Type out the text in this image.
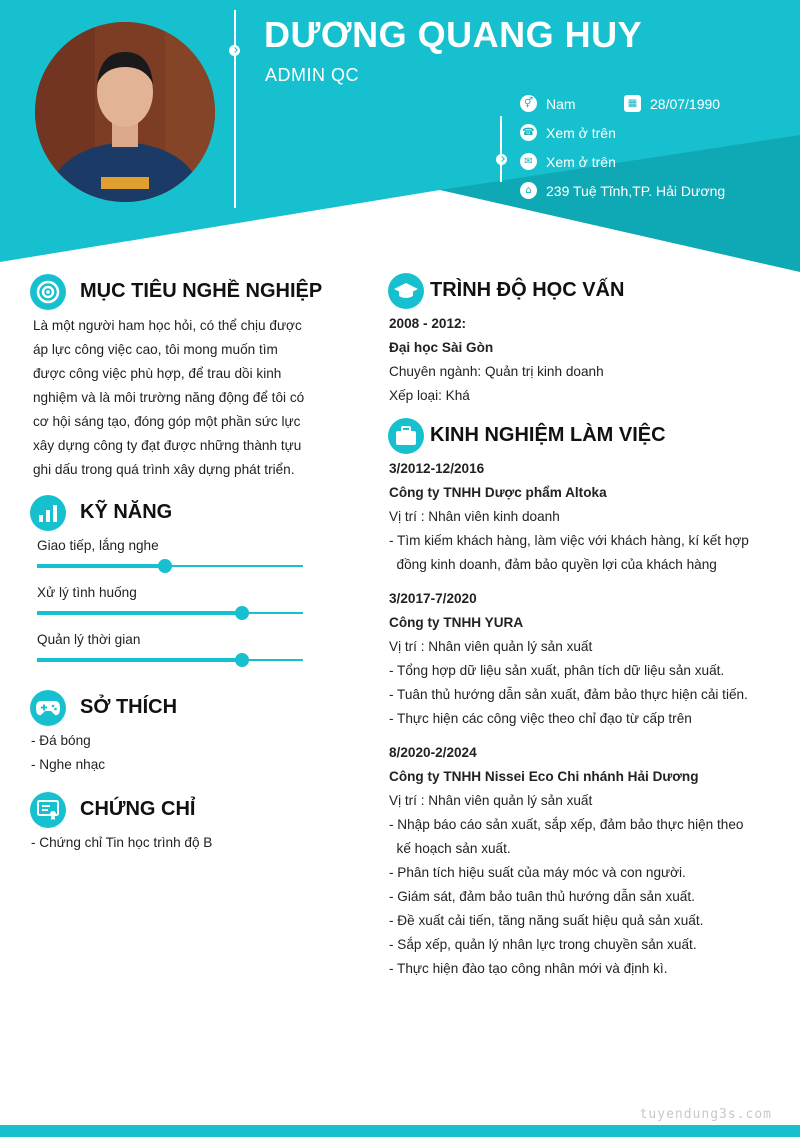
DƯƠNG QUANG HUY
ADMIN QC
⚥ Nam	▦ 28/07/1990
☎ Xem ở trên
✉ Xem ở trên
⌂	239 Tuệ Tĩnh,TP. Hải Dương
MỤC TIÊU NGHỀ NGHIỆP
Là một người ham học hỏi, có thể chịu được
áp lực công việc cao, tôi mong muốn tìm
được công việc phù hợp, để trau dồi kinh
nghiệm và là môi trường năng động để tôi có
cơ hội sáng tạo, đóng góp một phần sức lực
xây dựng công ty đạt được những thành tựu
ghi dấu trong quá trình xây dựng phát triển.
KỸ NĂNG
Giao tiếp, lắng nghe
Xử lý tình huống
Quản lý thời gian
SỞ THÍCH
- Đá bóng
- Nghe nhạc
CHỨNG CHỈ
- Chứng chỉ Tin học trình độ B
TRÌNH ĐỘ HỌC VẤN
2008 - 2012:
Đại học Sài Gòn
Chuyên ngành: Quản trị kinh doanh
Xếp loại: Khá
KINH NGHIỆM LÀM VIỆC
3/2012-12/2016
Công ty TNHH Dược phẩm Altoka
Vị trí : Nhân viên kinh doanh
- Tìm kiếm khách hàng, làm việc với khách hàng, kí kết hợp
đồng kinh doanh, đảm bảo quyền lợi của khách hàng
3/2017-7/2020
Công ty TNHH YURA
Vị trí : Nhân viên quản lý sản xuất
- Tổng hợp dữ liệu sản xuất, phân tích dữ liệu sản xuất.
- Tuân thủ hướng dẫn sản xuất, đảm bảo thực hiện cải tiến.
- Thực hiện các công việc theo chỉ đạo từ cấp trên
8/2020-2/2024
Công ty TNHH Nissei Eco Chi nhánh Hải Dương
Vị trí : Nhân viên quản lý sản xuất
- Nhập báo cáo sản xuất, sắp xếp, đảm bảo thực hiện theo
kế hoạch sản xuất.
- Phân tích hiệu suất của máy móc và con người.
- Giám sát, đảm bảo tuân thủ hướng dẫn sản xuất.
- Đề xuất cải tiến, tăng năng suất hiệu quả sản xuất.
- Sắp xếp, quản lý nhân lực trong chuyền sản xuất.
- Thực hiện đào tạo công nhân mới và định kì.
tuyendung3s.com
